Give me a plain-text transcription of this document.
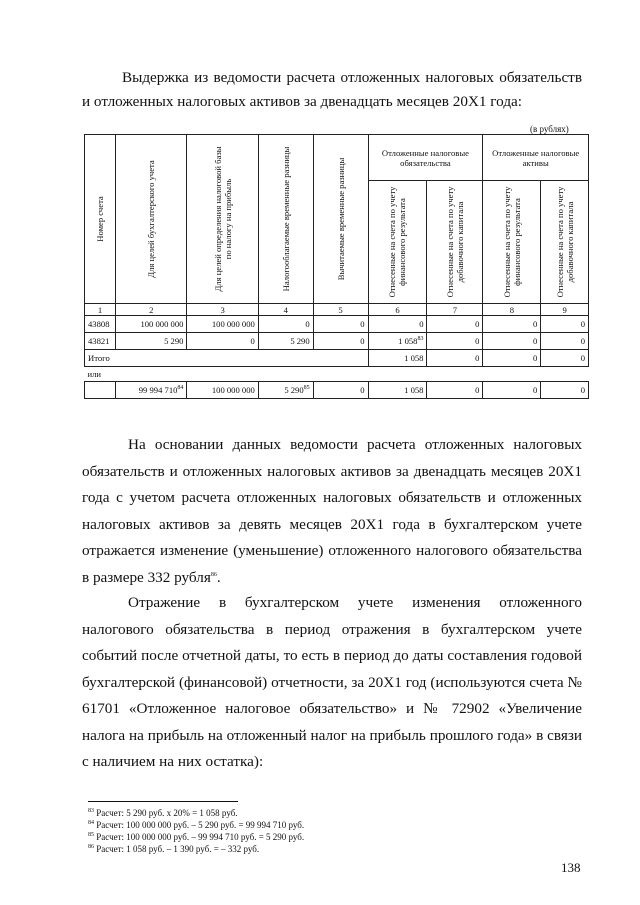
Выдержка из ведомости расчета отложенных налоговых обязательств и отложенных налоговых активов за двенадцать месяцев 20Х1 года:
(в рублях)
Номер счета	Для целей бухгалтерского учета	Для целей определения налоговой базы по налогу на прибыль	Налогооблагаемые временные разницы	Вычитаемые временные разницы	Отложенные налоговые обязательства		Отложенные налоговые активы	

					Отнесенные на счета по учету финансового результата	Отнесенные на счета по учету добавочного капитала	Отнесенные на счета по учету финансового результата	Отнесенные на счета по учету добавочного капитала

1	2	3	4	5	6	7	8	9
43808	100 000 000	100 000 000	0	0	0	0	0	0
43821	5 290	0	5 290	0	1 $058^{83}$	0	0	0
Итого					1 058	0	0	0
или								
	99 994 $710^{84}$	100 000 000	5 $290^{85}$	0	1 058	0	0	0
На основании данных ведомости расчета отложенных налоговых обязательств и отложенных налоговых активов за двенадцать месяцев 20Х1 года с учетом расчета отложенных налоговых обязательств и отложенных налоговых активов за девять месяцев 20Х1 года в бухгалтерском учете отражается изменение (уменьшение) отложенного налогового обязательства в размере 332 рубля$^{86}$.
Отражение в бухгалтерском учете изменения отложенного налогового обязательства в период отражения в бухгалтерском учете событий после отчетной даты, то есть в период до даты составления годовой бухгалтерской (финансовой) отчетности, за 20Х1 год (используются счета № 61701 «Отложенное налоговое обязательство» и № 72902 «Увеличение налога на прибыль на отложенный налог на прибыль прошлого года» в связи с наличием на них остатка):
$^{83}$ Расчет: 5 290 руб. х 20% = 1 058 руб.
$^{84}$ Расчет: 100 000 000 руб. – 5 290 руб. = 99 994 710 руб.
$^{85}$ Расчет: 100 000 000 руб. – 99 994 710 руб. = 5 290 руб.
$^{86}$ Расчет: 1 058 руб. – 1 390 руб. = – 332 руб.
138
